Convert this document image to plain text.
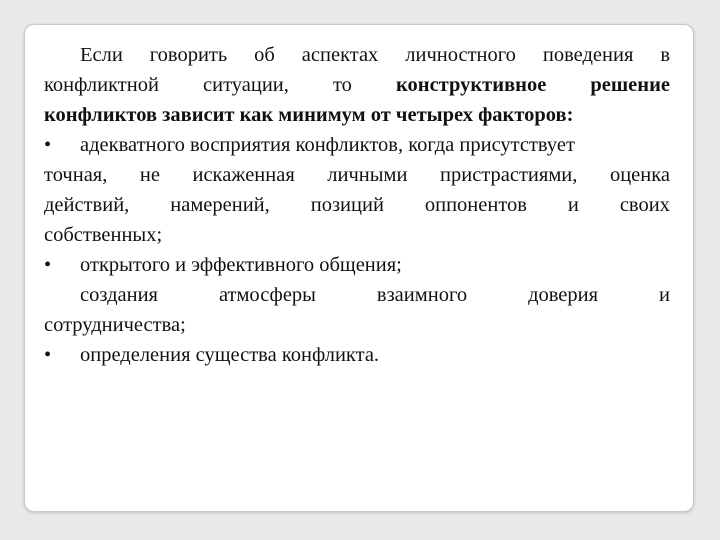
Если говорить об аспектах личностного поведения в
конфликтной ситуации, то конструктивное решение
конфликтов зависит как минимум от четырех факторов:
• адекватного восприятия конфликтов, когда присутствует
точная, не искаженная личными пристрастиями, оценка
действий, намерений, позиций оппонентов и своих
собственных;
• открытого и эффективного общения;
создания	атмосферы	взаимного	доверия	и
сотрудничества;
• определения существа конфликта.
